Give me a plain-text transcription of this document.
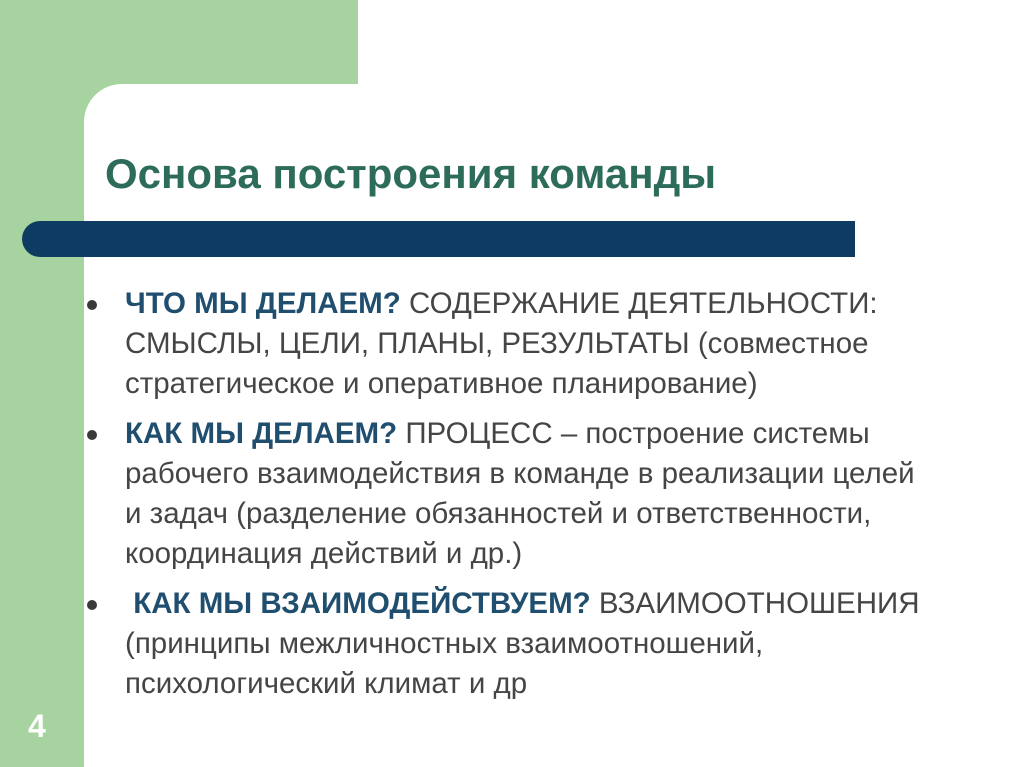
Основа построения команды
ЧТО МЫ ДЕЛАЕМ? СОДЕРЖАНИЕ ДЕЯТЕЛЬНОСТИ:
СМЫСЛЫ, ЦЕЛИ, ПЛАНЫ, РЕЗУЛЬТАТЫ (совместное
стратегическое и оперативное планирование)
КАК МЫ ДЕЛАЕМ? ПРОЦЕСС – построение системы
рабочего взаимодействия в команде в реализации целей
и задач (разделение обязанностей и ответственности,
координация действий и др.)
КАК МЫ ВЗАИМОДЕЙСТВУЕМ? ВЗАИМООТНОШЕНИЯ
(принципы межличностных взаимоотношений,
психологический климат и др
4
